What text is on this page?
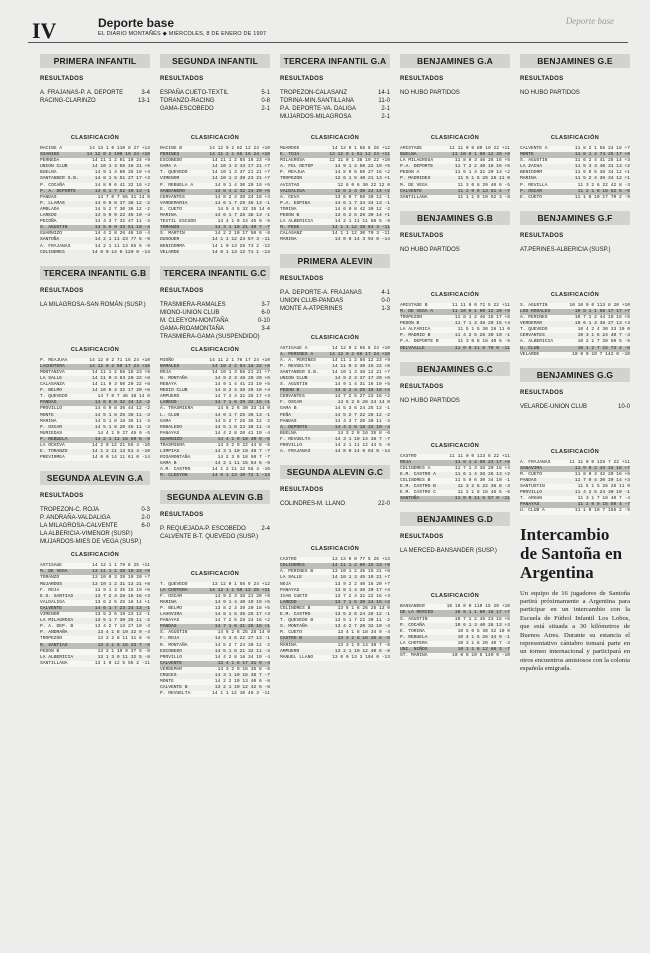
IV	Deporte base
EL DIARIO MONTAÑÉS ◆ MIÉRCOLES, 8 DE ENERO DE 1997
Deporte base
PRIMERA INFANTIL
RESULTADOS
A. FRAJANAS-P. A. DEPORTE	3-4
RACING-CLARINZO	13-1
CLASIFICACIÓN
RACING A	14 13 1 0 110 8 27 +13
SIANIKE	14 12 0 2 100 19 24 +10
PERNEDA	14 11 1 2 61 10 24 +9
UNION CLUB	14 10 1 3 55 18 21 +6
BUELNA	14 9 1 4 80 25 19 +4
SANTANDER S.B.	14 8 1 5 51 27 17 +3
P. COCAÑA	14 8 0 6 41 32 16 +2
P. A. DEPORTE	14 6 1 7 52 40 13 -1
PANDAS	14 7 0 7 55 31 14 0
P. LLAMAS	14 6 0 8 37 38 12 -2
AMBLADA	14 5 2 7 30 36 12 -2
LAREDO	14 5 0 9 22 45 10 -4
PECOÑA	14 4 3 7 32 47 11 -3
S. AGUSTIN	14 5 0 9 33 51 10 -4
GUARNIZO	14 4 2 8 26 46 10 -4
SANTOÑA	14 2 1 11 23 77 5 -9
A. FRAJANAS	14 2 1 11 13 65 5 -9
COLINDRES	14 0 0 14 6 120 0 -14
TERCERA INFANTIL G.B
RESULTADOS
LA MILAGROSA-SAN ROMÁN (SUSP.)
CLASIFICACIÓN
P. REAJUAA	14 12 0 2 71 16 24 +10
LACHOTERA	14 12 0 2 50 17 24 +10
MONTANIVA	14 11 1 2 56 18 23 +9
LA SALLE	14 11 0 3 63 20 22 +8
CALASANZA	14 11 0 3 50 20 22 +8
P. BELMO	14 10 0 4 32 17 20 +6
T. QUEVEDO	14 7 0 7 46 38 14 0
PANDAS	14 6 0 8 32 34 12 -2
PROVILLO	14 6 0 8 36 44 12 -2
MONTE	14 5 1 8 25 36 11 -3
MARINA	14 5 1 8 18 35 11 -3
P. OSCAR	14 5 1 8 20 45 11 -3
MURIEDAS	14 4 1 9 27 45 9 -5
P. REBUELA	14 2 1 11 18 59 5 -9
LA OCHIVA	14 2 0 12 21 55 4 -10
E. TORANZO	14 1 2 11 13 51 4 -10
PREVIRMEA	14 0 0 14 11 61 0 -14
SEGUNDA ALEVIN G.A
RESULTADOS
TROPEZON-C. ROJA	0-3
P. ANDRAÑA-VALDALIGA	2-0
LA MILAGROSA-CALVENTE	6-0
LA ALBERICIA-VIMENOR (SUSP.)
MUJARDOS-MIES DE VEGA (SUSP.)
CLASIFICACIÓN
ASTISAUE	14 12 1 1 79 8 25 +11
M. DE VEGA	13 11 1 1 38 10 23 +9
TORANZO	13 10 0 3 39 10 20 +7
MUJARDOS	13 10 1 2 31 13 21 +8
F. ROJA	13 9 1 3 35 15 19 +6
E.S. SANTIAS	13 7 2 4 28 15 16 +3
VALDALIGA	13 6 2 5 25 18 14 +1
CALVENTE	14 6 1 7 23 24 13 -1
VIMENOR	13 5 2 6 19 23 12 -1
LA MILAGROSA	13 5 1 7 30 25 11 -2
P. A. DEP. B	13 4 2 7 13 27 10 -3
P. ANDRAÑA	13 4 1 8 19 32 9 -4
TROPEZON	13 3 2 8 11 31 8 -5
R. SANTIAS	13 3 1 9 15 33 7 -6
PEDON B	13 2 1 10 9 37 5 -8
LA ALBERICIA	13 1 3 9 11 32 5 -8
SANTILLANA	13 1 0 12 5 55 2 -11
SEGUNDA INFANTIL
RESULTADOS
ESPAÑA CUETO-TEXTIL	5-1
TORANZO-RACING	0-8
GAMA-ESCOBEDO	2-1
CLASIFICACIÓN
RACING B	14 12 0 2 62 12 24 +10
PERINES	14 11 2 1 55 16 24 +10
ESCOBEDO	14 11 1 2 55 16 23 +9
GAMA A	14 10 1 3 43 17 21 +7
T. QUEVEDO	14 10 1 3 37 21 21 +7
VIMENOR	14 10 1 3 39 23 21 +7
P. REBUELA A	14 9 1 4 30 20 19 +5
SANDANERO	14 8 4 2 32 24 20 +6
CERVANTES	14 8 2 4 36 24 18 +4
VARDEMARIA	14 6 1 7 29 46 13 -1
E. CUETO	14 5 4 5 32 35 14 0
MARINA	14 6 1 7 28 38 13 -1
TEXTIL ESCUDO	14 4 1 9 24 45 9 -5
TORANZO	14 3 1 10 21 40 7 -7
S. MARTIN	14 2 2 10 17 50 6 -8
DUSOUER	14 1 1 12 23 57 3 -11
BENIDORMA	14 1 0 13 26 73 2 -12
VELARDE	14 0 1 13 12 71 1 -13
TERCERA INFANTIL G.C
RESULTADOS
TRASMIERA-RAMALES	3-7
MIONO-UNION CLUB	6-0
M. CLEEYON-MONTAÑA	0-10
GAMA-RIOAMONTAÑA	3-4
TRASMIERA-GAMA (SUSPENDIDO)
CLASIFICACIÓN
MIOÑO	14 11 2 1 76 17 24 +10
RAMALES	14 10 2 2 54 18 22 +8
ROJA	14 10 1 3 56 21 21 +7
N. MONTAÑA	14 9 2 3 48 20 20 +6
REBAYA	14 9 1 4 41 23 19 +5
MEDIO CLUB	14 8 2 4 38 28 18 +4
AMPUERO	14 7 3 4 32 25 17 +3
LAREDO	14 7 1 6 39 32 15 +1
A. TRASMIERA	14 6 2 6 30 33 14 0
L. CLUB	14 6 1 7 25 36 13 -1
GAMA	14 5 2 7 26 35 12 -2
ROBALEDO	14 5 1 8 23 38 11 -3
PANAYAS	14 4 2 8 20 41 10 -4
GUARNIZO	14 4 1 9 18 40 9 -5
TRASMIERA	14 3 2 9 22 44 8 -6
LIMPIAS	14 3 1 10 19 48 7 -7
RIOAMONTAÑA	14 2 3 9 18 50 7 -7
GAMA B	14 2 1 11 15 54 5 -9
A.M. CASTRO	14 1 2 11 12 58 4 -10
M. CLEEYON	14 0 1 13 10 72 1 -13
SEGUNDA ALEVIN G.B
RESULTADOS
P. REQUEJADA-P. ESCOBEDO	2-4
CALVENTE B-T. QUEVEDO (SUSP.)
CLASIFICACIÓN
T. QUEVEDO	13 12 0 1 56 9 24 +12
LA CHOTERA	14 12 1 1 50 12 25 +11
F. OSCAR	14 9 2 3 38 21 20 +6
MARINA	14 9 1 4 40 19 19 +5
P. BELMO	13 8 2 3 39 20 18 +5
LAHOVIRA	14 8 1 5 35 25 17 +3
PANAYAS	14 7 2 5 28 24 16 +2
PANDAS	14 7 1 6 31 26 15 +1
S. AGUSTIN	14 6 2 6 25 28 14 0
F. ROJA	14 5 3 6 22 27 13 -1
R. MONTAÑA	14 5 2 7 24 30 12 -2
ESCOBEDO	14 5 1 8 21 32 11 -3
PROVILLO	14 4 2 8 18 34 10 -4
CALVENTE	13 4 1 8 17 31 9 -4
VERDEMAR	14 3 2 9 16 35 8 -6
CRUCES	14 3 1 10 15 38 7 -7
MONTE	14 2 2 10 13 40 6 -8
CALVENTE B	13 2 1 10 12 42 5 -8
P. REVUELTA	14 1 1 12 10 48 3 -11
TERCERA INFANTIL G.A
RESULTADOS
TROPEZON-CALASANZ	14-1
TORINA-MIN.SANTILLANA	11-0
P.A. DEPORTE-VA. DALIGA	2-1
MUJARDOS-MILAGROSA	2-1
CLASIFICACIÓN
MUARDOS	14 13 0 1 68 8 26 +12
E. TOJA	13 12 0 1 61 12 24 +11
MILAGROSA	12 11 0 1 38 10 22 +10
A. FEL DETOP	14 9 1 4 50 22 19 +5
P. REAJUA	14 8 0 6 50 27 16 +2
TROPEZON	12 6 1 5 40 21 13 +1
AVISTAO	12 6 0 6 30 22 12 0
VALDALIGA	12 6 2 4 30 24 14 +2
A. CEVA	13 6 0 7 50 30 12 -1
P.A. ESPINA	14 6 1 7 34 34 13 -1
TORINA	14 6 0 8 42 30 12 -2
PEDON B	13 6 2 5 26 30 14 +1
LA ALBERICIA	14 2 1 11 11 68 5 -9
M. FEGE	14 1 1 12 10 64 3 -11
CALASANZ	14 1 1 12 30 70 3 -11
MARINA	14 0 0 14 3 94 0 -14
PRIMERA ALEVIN
RESULTADOS
P.A. DEPORTE-A. FRAJANAS	4-1
UNION CLUB-PANDAS	0-0
MONTE A-ATPERINES	1-3
CLASIFICACIÓN
ASTIGAUE A	14 12 0 2 66 8 24 +10
A. PERINES A	14 12 0 2 66 17 24 +10
A. A. PERINES	14 11 1 2 56 12 23 +9
P. REVUELTA	14 11 0 3 30 15 22 +8
SANTANDER S.B.	14 10 1 3 38 12 21 +7
UNION CLUB	14 9 2 3 37 17 20 +6
S. AGUSTIN	14 9 1 4 31 16 19 +5
PEDON B	14 8 2 4 29 19 18 +4
CERVANTES	14 7 2 5 27 23 16 +2
F. OSCAR	14 6 2 6 26 24 14 0
GAMA B	14 5 3 6 24 25 13 -1
PEÑA	14 5 2 7 22 28 12 -2
PANDAS	14 4 3 7 20 30 11 -3
A. DEPORTE	14 4 2 8 18 32 10 -4
BUELNA	14 3 2 9 16 35 8 -6
F. REVUELTA	14 3 1 10 14 38 7 -7
PROVILLO	14 2 1 11 12 44 5 -9
A. FRAJANAS	14 0 0 14 6 64 0 -14
SEGUNDA ALEVIN G.C
RESULTADOS
COLINDRES-M. LLANO	22-0
CLASIFICACIÓN
CASTRO	13 13 0 0 77 5 26 +13
COLINDRES	14 11 1 2 60 15 23 +9
A. PERINES B	13 10 1 2 45 15 21 +8
LA SALLE	14 10 1 3 45 19 21 +7
NOJA	13 9 2 2 40 16 20 +7
PANAYAS	13 8 1 4 36 20 17 +4
IVAN CUETO	13 7 2 4 32 22 16 +3
LAREDO	13 7 1 5 30 24 15 +2
COLINDRES B	13 6 1 6 26 26 13 0
E.M. CASTRO	13 5 2 6 24 28 12 -1
T. QUEVEDO B	13 5 1 7 22 30 11 -2
S. MONTAÑA	13 4 2 7 20 32 10 -3
M. CUETO	13 4 1 8 18 34 9 -4
CASTRO B	13 3 2 8 16 36 8 -5
MARINA	13 3 1 9 14 38 7 -6
AMPUERO	13 2 1 10 12 40 5 -8
MANUEL LLANO	13 0 0 13 3 104 0 -13
BENJAMINES G.A
RESULTADOS
NO HUBO PARTIDOS
CLASIFICACIÓN
AMISTADE	11 11 0 0 80 10 22 +11
BUELNA	11 10 0 1 60 12 20 +9
LA MILAGROSA	11 8 0 3 46 26 16 +5
P.A. DEPORTE	11 7 2 2 40 18 16 +5
PEDON A	11 6 1 4 32 20 13 +2
P. MADRIDES	11 5 1 5 26 28 11 0
M. DE VEGA	11 3 0 8 20 40 6 -5
CALVENTE	11 2 0 9 13 51 4 -7
SANTILLANA	11 1 1 9 10 62 3 -8
BENJAMINES G.B
RESULTADOS
NO HUBO PARTIDOS
CLASIFICACIÓN
AMISTADE B	11 11 0 0 72 5 22 +11
M. DE VEGA A	11 10 0 1 60 12 20 +9
TROPEZON	11 8 1 2 46 18 17 +6
PEDON B	11 7 1 3 38 20 15 +4
LA ALFARICA	11 5 1 5 30 28 11 0
P. MADRID B	11 4 2 5 26 30 10 -1
P.A. DEPORTE B	11 3 0 8 18 40 6 -5
DELVAALLE	11 0 0 11 6 70 0 -11
BENJAMINES G.C
RESULTADOS
NO HUBO PARTIDOS
CLASIFICACIÓN
CASTRO	11 11 0 0 113 6 22 +11
ROJA	11 8 1 2 50 23 17 +6
COLINDRES A	11 7 1 3 38 20 15 +4
E.M. CASTRO A	11 6 1 4 36 28 13 +2
COLINDRES B	11 5 0 6 30 34 10 -1
E.M. CASTRO B	11 3 2 6 22 36 8 -3
E.M. CASTRO C	11 2 1 8 16 46 5 -6
SANTOÑA	11 0 0 11 5 57 0 -11
BENJAMINES G.D
RESULTADOS
LA MERCED-BANSANDER (SUSP.)
CLASIFICACIÓN
BANSANDER	10 10 0 0 110 15 20 +10
DE LA MERCED	10 8 1 1 60 18 17 +7
S. AGUSTIN	10 7 1 2 45 23 15 +5
P. COCAÑA	10 6 1 3 40 28 13 +3
E. TORINA	10 5 0 5 30 32 10 0
P. REBUELA	10 4 1 5 26 34 9 -1
LA CHOTERA	10 3 1 6 20 40 7 -3
UNI. NIÑOS	10 1 1 8 12 60 3 -7
ST. MARINA	10 0 0 10 5 140 0 -10
BENJAMINES G.E
RESULTADOS
NO HUBO PARTIDOS
CLASIFICACIÓN
CALVENTE A	11 8 2 1 56 24 18 +7
MONTE	11 8 1 2 74 25 17 +6
S. AGUSTIN	11 6 2 4 41 25 14 +3
LA ZACHA	11 5 3 3 40 31 13 +2
BENIDORM	11 6 0 5 38 34 12 +1
MARINA	11 5 2 4 36 34 12 +1
P. REVILLA	11 3 2 6 22 42 8 -3
P. OSCAR	11 2 1 8 18 52 5 -6
E. CUETO	11 1 0 10 17 70 2 -9
BENJAMINES G.F
RESULTADOS
AT.PERINES-ALBERICIA (SUSP.)
CLASIFICACIÓN
S. AGUSTIN	10 10 0 0 113 8 20 +10
LOS ROSALES	10 8 1 1 58 17 17 +7
A. PERINES	10 7 1 2 44 19 15 +5
VERDEMAR	10 6 1 3 38 27 13 +3
T. QUEVEDO	10 4 2 4 30 33 10 0
CERVANTES	10 3 1 6 24 40 7 -3
A. ALBERICIA	10 2 1 7 20 50 5 -5
U. CLUB	10 1 2 7 15 73 4 -6
VELARDE	10 0 0 10 7 142 0 -10
BENJAMINES G.G
RESULTADOS
VELARDE-UNION CLUB	10-0
CLASIFICACIÓN
A. FRAJANAS	11 11 0 0 128 7 22 +11
SANAVIMA	11 9 0 2 43 15 18 +7
M. CUETO	11 8 0 3 42 20 16 +5
PANDAS	11 7 0 4 30 20 14 +3
SANTUSTIN	11 5 1 5 26 28 11 0
PROVILLO	11 4 2 5 24 30 10 -1
T. ARGUN	11 3 1 7 18 40 7 -4
PANAYAS	11 2 0 9 15 50 4 -7
U. CLUB A	11 1 0 10 7 155 2 -9
Intercambio de Santoña en Argentina
Un equipo de 16 jugadores de Santoña partirá próximamente a Argentina para participar en un intercambio con la Escuela de Fútbol Infantil Los Lobos, que está situada a 30 kilómetros de Buenos Aires. Durante su estancia el representativo cántabro tomará parte en un torneo internacional y participará en otros encuentros amistosos con la colonia española emigrada.
